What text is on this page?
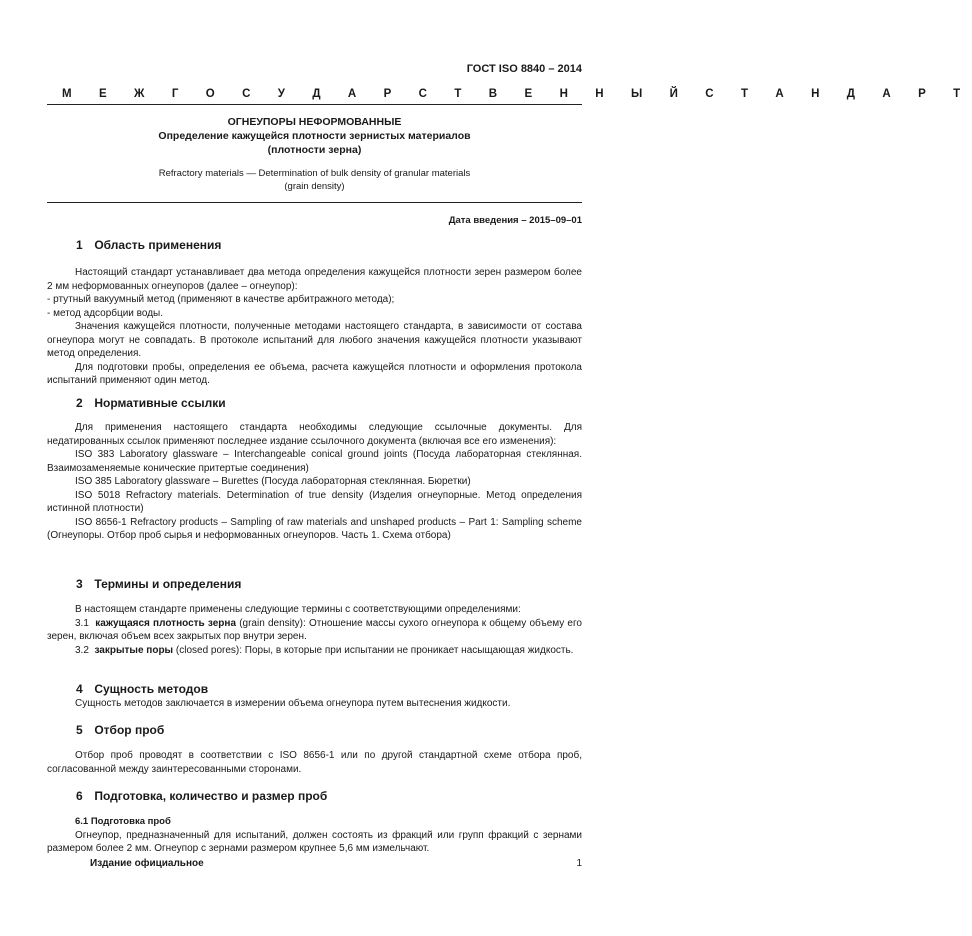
ГОСТ ISO 8840 – 2014
М Е Ж Г О С У Д А Р С Т В Е Н Н Ы Й С Т А Н Д А Р Т
ОГНЕУПОРЫ НЕФОРМОВАННЫЕ
Определение кажущейся плотности зернистых материалов
(плотности зерна)
Refractory materials — Determination of bulk density of granular materials
(grain density)
Дата введения – 2015–09–01
1 Область применения
Настоящий стандарт устанавливает два метода определения кажущейся плотности зерен размером более 2 мм неформованных огнеупоров (далее – огнеупор):
- ртутный вакуумный метод (применяют в качестве арбитражного метода);
- метод адсорбции воды.
Значения кажущейся плотности, полученные методами настоящего стандарта, в зависимости от состава огнеупора могут не совпадать. В протоколе испытаний для любого значения кажущейся плотности указывают метод определения.
Для подготовки пробы, определения ее объема, расчета кажущейся плотности и оформления протокола испытаний применяют один метод.
2 Нормативные ссылки
Для применения настоящего стандарта необходимы следующие ссылочные документы. Для недатированных ссылок применяют последнее издание ссылочного документа (включая все его изменения):
ISO 383 Laboratory glassware – Interchangeable conical ground joints (Посуда лабораторная стеклянная. Взаимозаменяемые конические притертые соединения)
ISO 385 Laboratory glassware – Burettes (Посуда лабораторная стеклянная. Бюретки)
ISO 5018 Refractory materials. Determination of true density (Изделия огнеупорные. Метод определения истинной плотности)
ISO 8656-1 Refractory products – Sampling of raw materials and unshaped products – Part 1: Sampling scheme (Огнеупоры. Отбор проб сырья и неформованных огнеупоров. Часть 1. Схема отбора)
3 Термины и определения
В настоящем стандарте применены следующие термины с соответствующими определениями:
3.1 кажущаяся плотность зерна (grain density): Отношение массы сухого огнеупора к общему объему его зерен, включая объем всех закрытых пор внутри зерен.
3.2 закрытые поры (closed pores): Поры, в которые при испытании не проникает насыщающая жидкость.
4 Сущность методов
Сущность методов заключается в измерении объема огнеупора путем вытеснения жидкости.
5 Отбор проб
Отбор проб проводят в соответствии с ISO 8656-1 или по другой стандартной схеме отбора проб, согласованной между заинтересованными сторонами.
6 Подготовка, количество и размер проб
6.1 Подготовка проб
Огнеупор, предназначенный для испытаний, должен состоять из фракций или групп фракций с зернами размером более 2 мм. Огнеупор с зернами размером крупнее 5,6 мм измельчают.
Издание официальное	1
